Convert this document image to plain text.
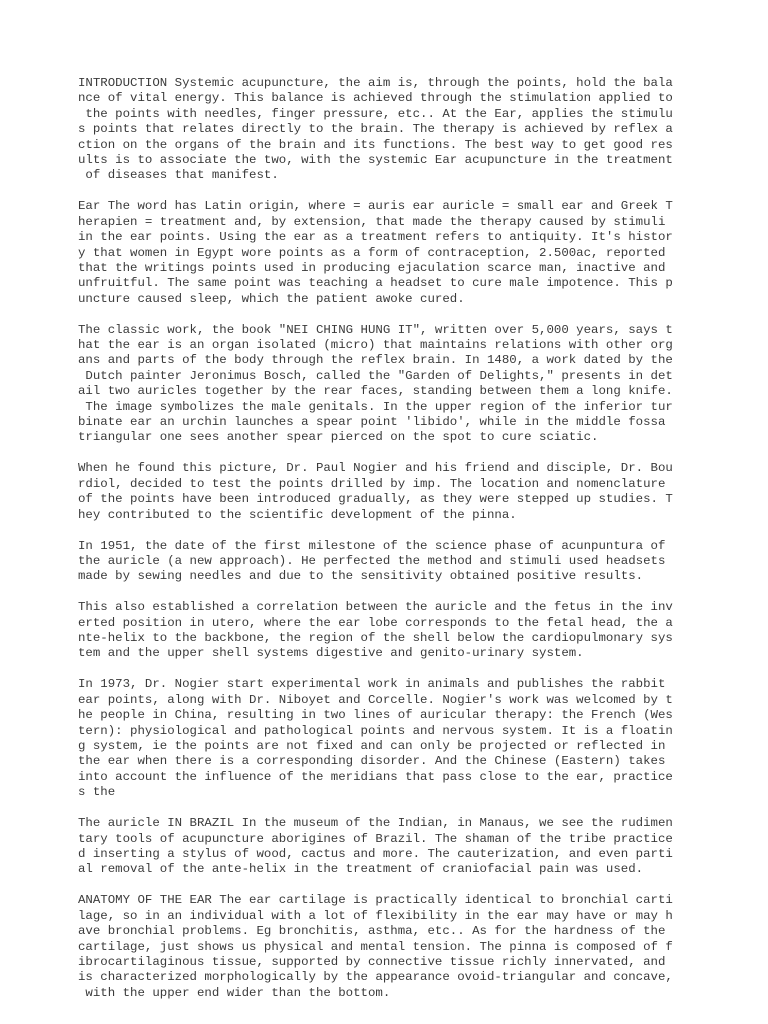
INTRODUCTION Systemic acupuncture, the aim is, through the points, hold the bala
nce of vital energy. This balance is achieved through the stimulation applied to
the points with needles, finger pressure, etc.. At the Ear, applies the stimulu
s points that relates directly to the brain. The therapy is achieved by reflex a
ction on the organs of the brain and its functions. The best way to get good res
ults is to associate the two, with the systemic Ear acupuncture in the treatment
of diseases that manifest.

Ear The word has Latin origin, where = auris ear auricle = small ear and Greek T
herapien = treatment and, by extension, that made the therapy caused by stimuli
in the ear points. Using the ear as a treatment refers to antiquity. It's histor
y that women in Egypt wore points as a form of contraception, 2.500ac, reported
that the writings points used in producing ejaculation scarce man, inactive and
unfruitful. The same point was teaching a headset to cure male impotence. This p
uncture caused sleep, which the patient awoke cured.

The classic work, the book "NEI CHING HUNG IT", written over 5,000 years, says t
hat the ear is an organ isolated (micro) that maintains relations with other org
ans and parts of the body through the reflex brain. In 1480, a work dated by the
Dutch painter Jeronimus Bosch, called the "Garden of Delights," presents in det
ail two auricles together by the rear faces, standing between them a long knife.
The image symbolizes the male genitals. In the upper region of the inferior tur
binate ear an urchin launches a spear point 'libido', while in the middle fossa
triangular one sees another spear pierced on the spot to cure sciatic.

When he found this picture, Dr. Paul Nogier and his friend and disciple, Dr. Bou
rdiol, decided to test the points drilled by imp. The location and nomenclature
of the points have been introduced gradually, as they were stepped up studies. T
hey contributed to the scientific development of the pinna.

In 1951, the date of the first milestone of the science phase of acunpuntura of
the auricle (a new approach). He perfected the method and stimuli used headsets
made by sewing needles and due to the sensitivity obtained positive results.

This also established a correlation between the auricle and the fetus in the inv
erted position in utero, where the ear lobe corresponds to the fetal head, the a
nte-helix to the backbone, the region of the shell below the cardiopulmonary sys
tem and the upper shell systems digestive and genito-urinary system.

In 1973, Dr. Nogier start experimental work in animals and publishes the rabbit
ear points, along with Dr. Niboyet and Corcelle. Nogier's work was welcomed by t
he people in China, resulting in two lines of auricular therapy: the French (Wes
tern): physiological and pathological points and nervous system. It is a floatin
g system, ie the points are not fixed and can only be projected or reflected in
the ear when there is a corresponding disorder. And the Chinese (Eastern) takes
into account the influence of the meridians that pass close to the ear, practice
s the

The auricle IN BRAZIL In the museum of the Indian, in Manaus, we see the rudimen
tary tools of acupuncture aborigines of Brazil. The shaman of the tribe practice
d inserting a stylus of wood, cactus and more. The cauterization, and even parti
al removal of the ante-helix in the treatment of craniofacial pain was used.

ANATOMY OF THE EAR The ear cartilage is practically identical to bronchial carti
lage, so in an individual with a lot of flexibility in the ear may have or may h
ave bronchial problems. Eg bronchitis, asthma, etc.. As for the hardness of the
cartilage, just shows us physical and mental tension. The pinna is composed of f
ibrocartilaginous tissue, supported by connective tissue richly innervated, and
is characterized morphologically by the appearance ovoid-triangular and concave,
with the upper end wider than the bottom.
